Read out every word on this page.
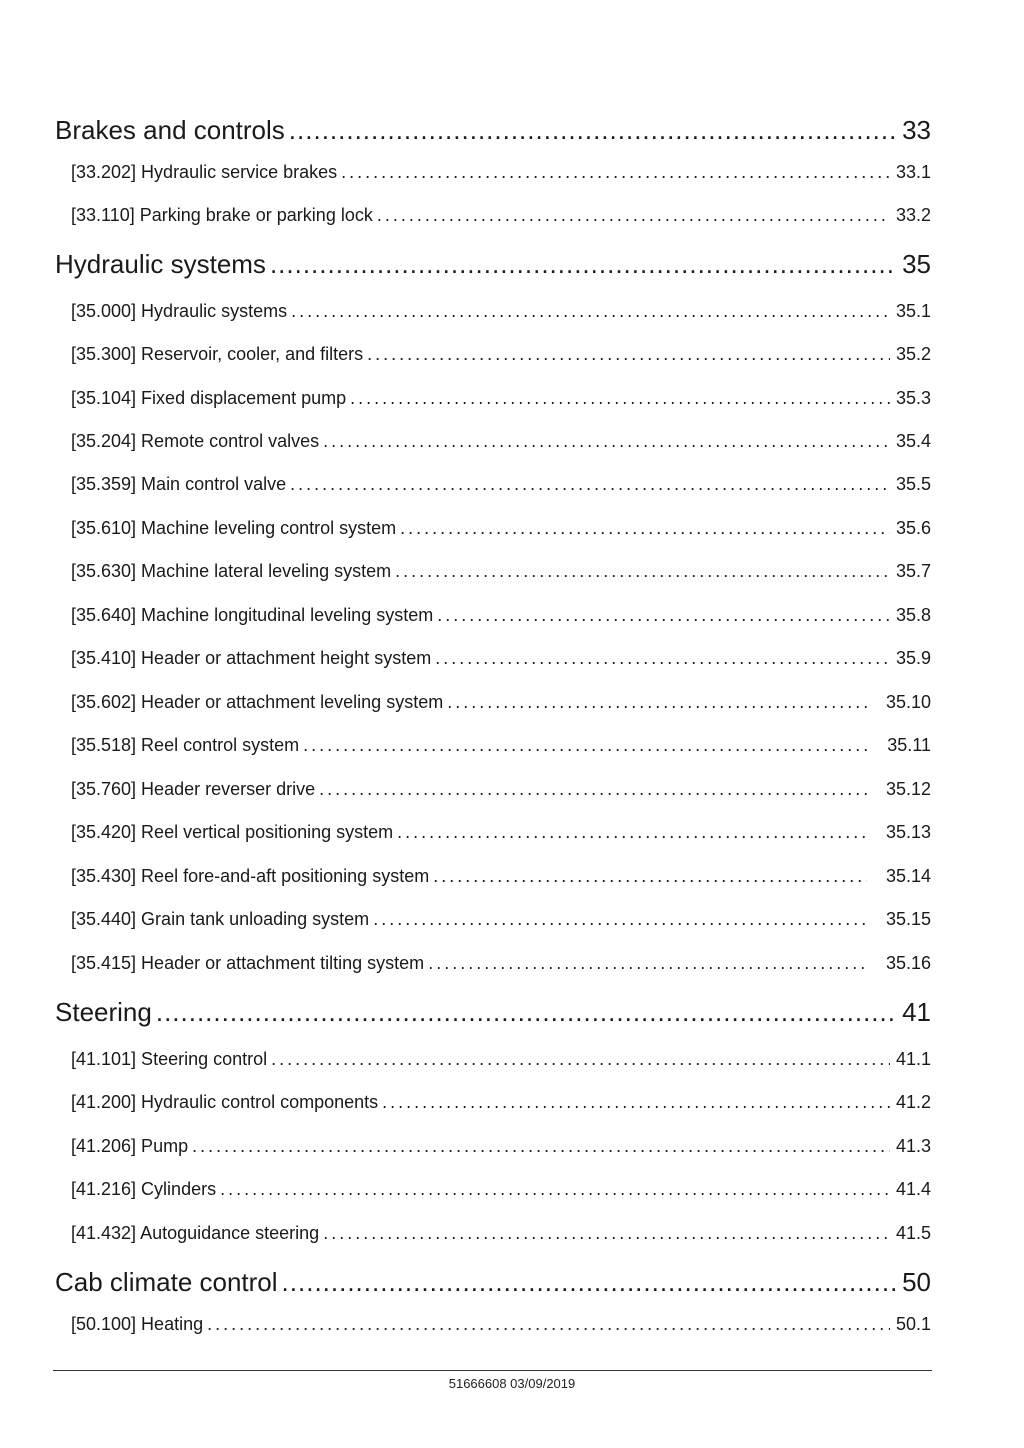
Brakes and controls .....	33
[33.202] Hydraulic service brakes .....	33.1
[33.110] Parking brake or parking lock .....	33.2
Hydraulic systems .....	35
[35.000] Hydraulic systems .....	35.1
[35.300] Reservoir, cooler, and filters .....	35.2
[35.104] Fixed displacement pump .....	35.3
[35.204] Remote control valves .....	35.4
[35.359] Main control valve .....	35.5
[35.610] Machine leveling control system .....	35.6
[35.630] Machine lateral leveling system .....	35.7
[35.640] Machine longitudinal leveling system .....	35.8
[35.410] Header or attachment height system .....	35.9
[35.602] Header or attachment leveling system .....	35.10
[35.518] Reel control system .....	35.11
[35.760] Header reverser drive .....	35.12
[35.420] Reel vertical positioning system .....	35.13
[35.430] Reel fore-and-aft positioning system .....	35.14
[35.440] Grain tank unloading system .....	35.15
[35.415] Header or attachment tilting system .....	35.16
Steering .....	41
[41.101] Steering control .....	41.1
[41.200] Hydraulic control components .....	41.2
[41.206] Pump .....	41.3
[41.216] Cylinders .....	41.4
[41.432] Autoguidance steering .....	41.5
Cab climate control .....	50
[50.100] Heating .....	50.1
51666608 03/09/2019
